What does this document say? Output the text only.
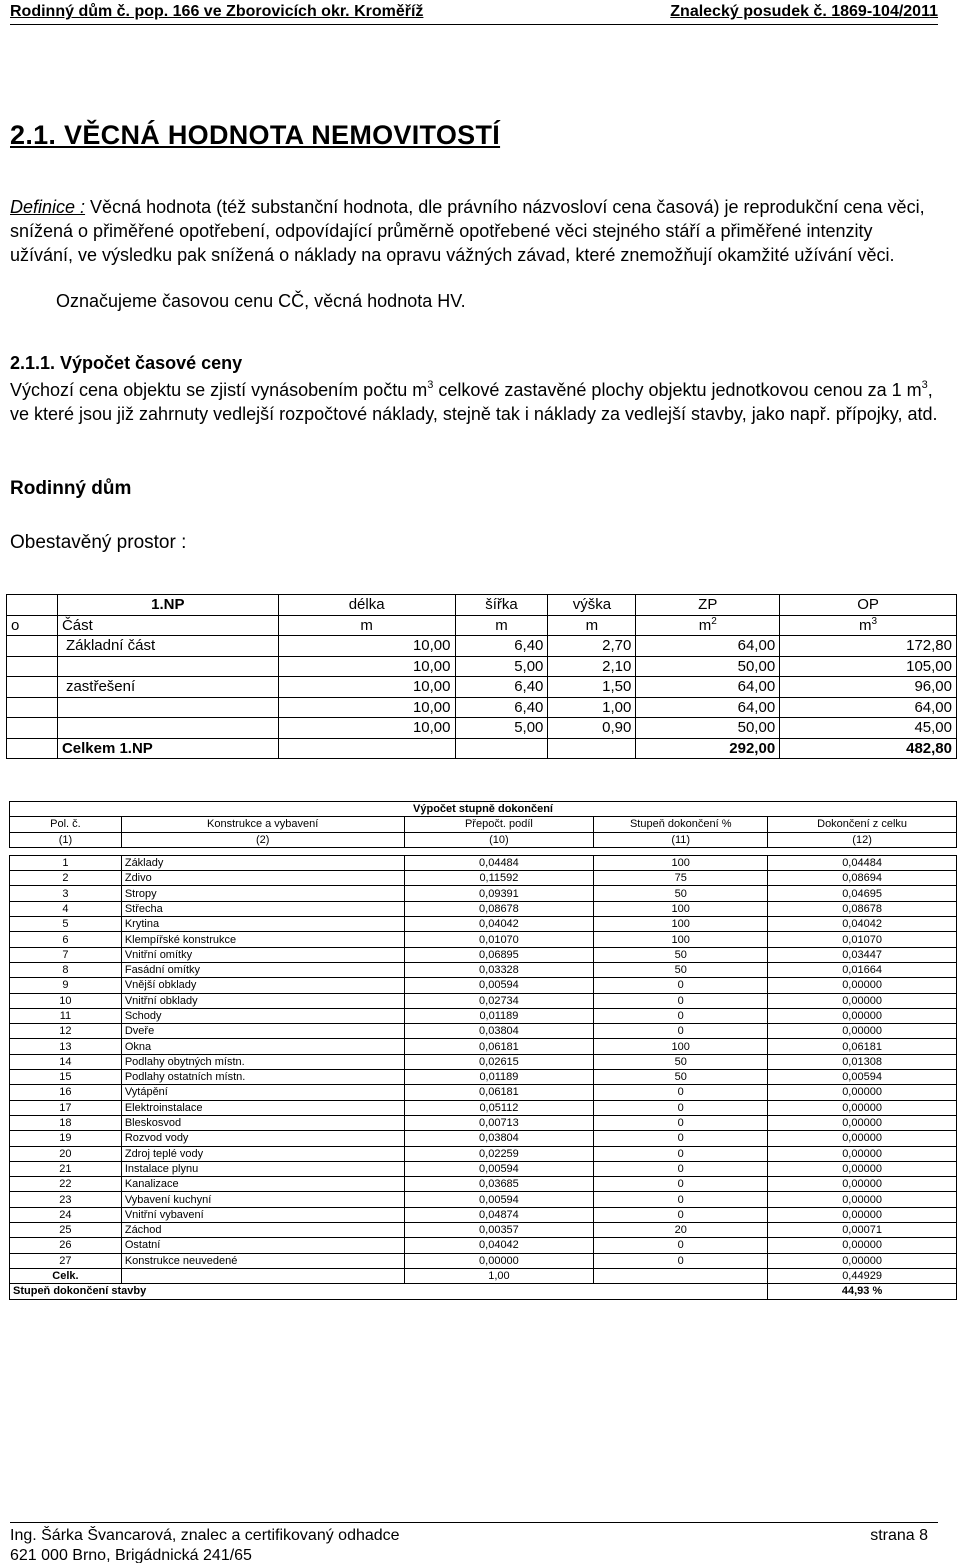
Rodinný dům č. pop. 166 ve Zborovicích okr. Kroměříž	Znalecký posudek č. 1869-104/2011
2.1. VĚCNÁ HODNOTA NEMOVITOSTÍ

Definice : Věcná hodnota (též substanční hodnota, dle právního názvosloví cena časová) je reprodukční cena věci, snížená o přiměřené opotřebení, odpovídající průměrně opotřebené věci stejného stáří a přiměřené intenzity užívání, ve výsledku pak snížená o náklady na opravu vážných závad, které znemožňují okamžité užívání věci.

Označujeme časovou cenu CČ, věcná hodnota HV.

2.1.1. Výpočet časové ceny

Výchozí cena objektu se zjistí vynásobením počtu $m^3$ celkové zastavěné plochy objektu jednotkovou cenou za 1 $m^3$, ve které jsou již zahrnuty vedlejší rozpočtové náklady, stejně tak i náklady za vedlejší stavby, jako např. přípojky, atd.

Rodinný dům
Obestavěný prostor :
	1.NP	délka	šířka	výška	ZP	OP
o	Část	m	m	m	$m^2$	$m^3$
	Základní část	10,00	6,40	2,70	64,00	172,80
		10,00	5,00	2,10	50,00	105,00
	zastřešení	10,00	6,40	1,50	64,00	96,00
		10,00	6,40	1,00	64,00	64,00
		10,00	5,00	0,90	50,00	45,00
	Celkem 1.NP				292,00	482,80
Výpočet stupně dokončení				
Pol. č.	Konstrukce a vybavení	Přepočt. podíl	Stupeň dokončení %	Dokončení z celku
(1)	(2)	(10)	(11)	(12)

1	Základy	0,04484	100	0,04484
2	Zdivo	0,11592	75	0,08694
3	Stropy	0,09391	50	0,04695
4	Střecha	0,08678	100	0,08678
5	Krytina	0,04042	100	0,04042
6	Klempířské konstrukce	0,01070	100	0,01070
7	Vnitřní omítky	0,06895	50	0,03447
8	Fasádní omítky	0,03328	50	0,01664
9	Vnější obklady	0,00594	0	0,00000
10	Vnitřní obklady	0,02734	0	0,00000
11	Schody	0,01189	0	0,00000
12	Dveře	0,03804	0	0,00000
13	Okna	0,06181	100	0,06181
14	Podlahy obytných místn.	0,02615	50	0,01308
15	Podlahy ostatních místn.	0,01189	50	0,00594
16	Vytápění	0,06181	0	0,00000
17	Elektroinstalace	0,05112	0	0,00000
18	Bleskosvod	0,00713	0	0,00000
19	Rozvod vody	0,03804	0	0,00000
20	Zdroj teplé vody	0,02259	0	0,00000
21	Instalace plynu	0,00594	0	0,00000
22	Kanalizace	0,03685	0	0,00000
23	Vybavení kuchyní	0,00594	0	0,00000
24	Vnitřní vybavení	0,04874	0	0,00000
25	Záchod	0,00357	20	0,00071
26	Ostatní	0,04042	0	0,00000
27	Konstrukce neuvedené	0,00000	0	0,00000
Celk.		1,00		0,44929
Stupeň dokončení stavby				44,93 %
Ing. Šárka Švancarová, znalec a certifikovaný odhadce
621 000 Brno, Brigádnická 241/65
strana 8
